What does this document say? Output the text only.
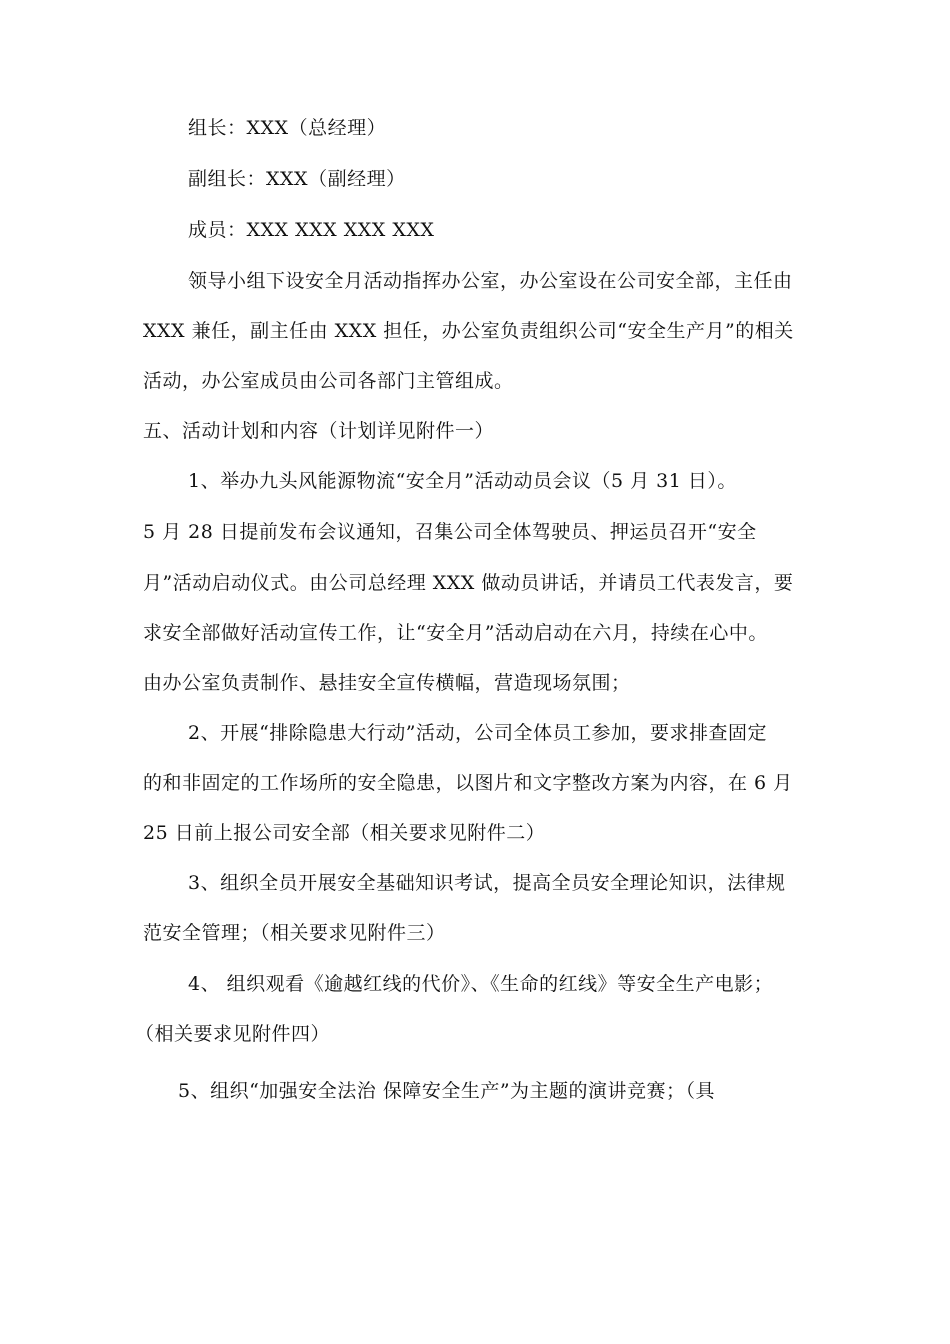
组长：XXX（总经理）
副组长：XXX（副经理）
成员：XXX XXX XXX XXX
领导小组下设安全月活动指挥办公室，办公室设在公司安全部，主任由
XXX 兼任，副主任由 XXX 担任，办公室负责组织公司“安全生产月”的相关
活动，办公室成员由公司各部门主管组成。
五、活动计划和内容（计划详见附件一）
1、举办九头风能源物流“安全月”活动动员会议（5 月 31 日）。
5 月 28 日提前发布会议通知，召集公司全体驾驶员、押运员召开“安全
月”活动启动仪式。由公司总经理 XXX 做动员讲话，并请员工代表发言，要
求安全部做好活动宣传工作，让“安全月”活动启动在六月，持续在心中。
由办公室负责制作、悬挂安全宣传横幅，营造现场氛围；
2、开展“排除隐患大行动”活动，公司全体员工参加，要求排查固定
的和非固定的工作场所的安全隐患，以图片和文字整改方案为内容，在 6 月
25 日前上报公司安全部（相关要求见附件二）
3、组织全员开展安全基础知识考试，提高全员安全理论知识，法律规
范安全管理；（相关要求见附件三）
4、 组织观看《逾越红线的代价》、《生命的红线》等安全生产电影；
（相关要求见附件四）
5、组织“加强安全法治 保障安全生产”为主题的演讲竞赛；（具
